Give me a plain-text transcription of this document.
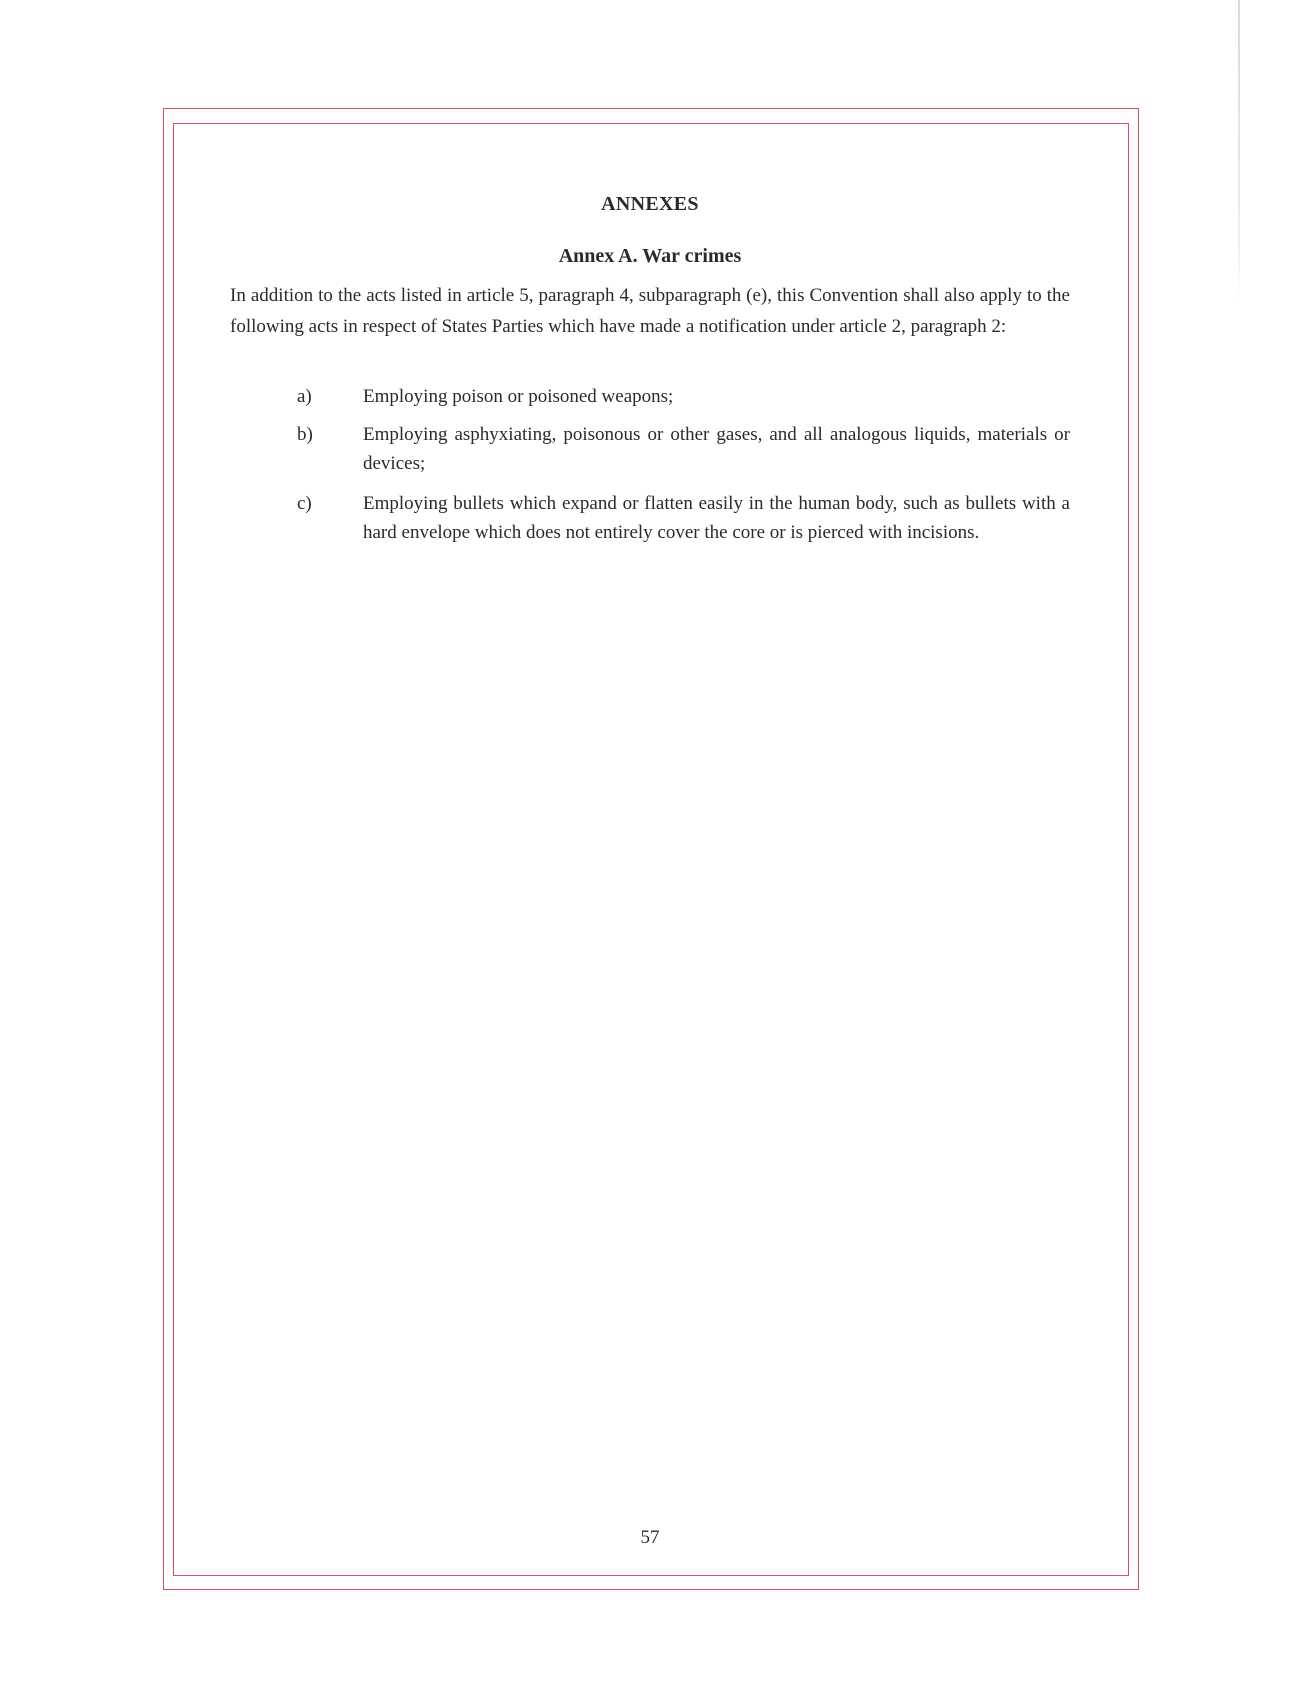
ANNEXES
Annex A. War crimes

In addition to the acts listed in article 5, paragraph 4, subparagraph (e), this Convention shall also apply to the following acts in respect of States Parties which have made a notification under article 2, paragraph 2:

a)	Employing poison or poisoned weapons;
b)	Employing asphyxiating, poisonous or other gases, and all analogous liquids, materials or devices;
c)	Employing bullets which expand or flatten easily in the human body, such as bullets with a hard envelope which does not entirely cover the core or is pierced with incisions.
57
